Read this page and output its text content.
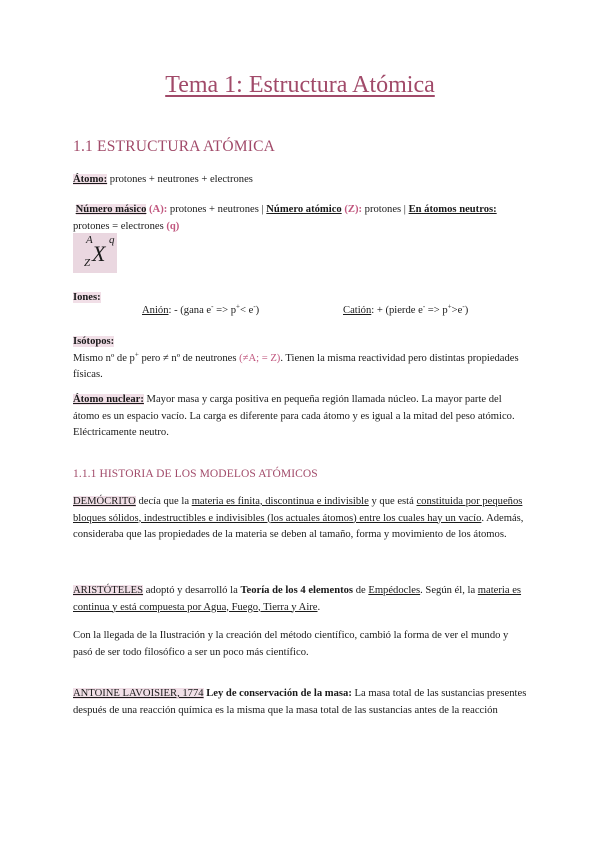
Tema 1: Estructura Atómica
1.1 ESTRUCTURA ATÓMICA
Átomo: protones + neutrones + electrones
Número másico (A): protones + neutrones | Número atómico (Z): protones | En átomos neutros:
protones = electrones (q)
A
X
q
Z
Iones:
Anión: - (gana e- => p+< e-)	Catión: + (pierde e- => p+>e-)
Isótopos:
Mismo nº de p+ pero ≠ nº de neutrones (≠A; = Z). Tienen la misma reactividad pero distintas propiedades físicas.
Átomo nuclear: Mayor masa y carga positiva en pequeña región llamada núcleo. La mayor parte del átomo es un espacio vacío. La carga es diferente para cada átomo y es igual a la mitad del peso atómico. Eléctricamente neutro.
1.1.1 HISTORIA DE LOS MODELOS ATÓMICOS
DEMÓCRITO decía que la materia es finita, discontinua e indivisible y que está constituida por pequeños bloques sólidos, indestructibles e indivisibles (los actuales átomos) entre los cuales hay un vacío. Además, consideraba que las propiedades de la materia se deben al tamaño, forma y movimiento de los átomos.
ARISTÓTELES adoptó y desarrolló la Teoría de los 4 elementos de Empédocles. Según él, la materia es continua y está compuesta por Agua, Fuego, Tierra y Aire.
Con la llegada de la Ilustración y la creación del método científico, cambió la forma de ver el mundo y pasó de ser todo filosófico a ser un poco más científico.
ANTOINE LAVOISIER, 1774 Ley de conservación de la masa: La masa total de las sustancias presentes después de una reacción química es la misma que la masa total de las sustancias antes de la reacción
